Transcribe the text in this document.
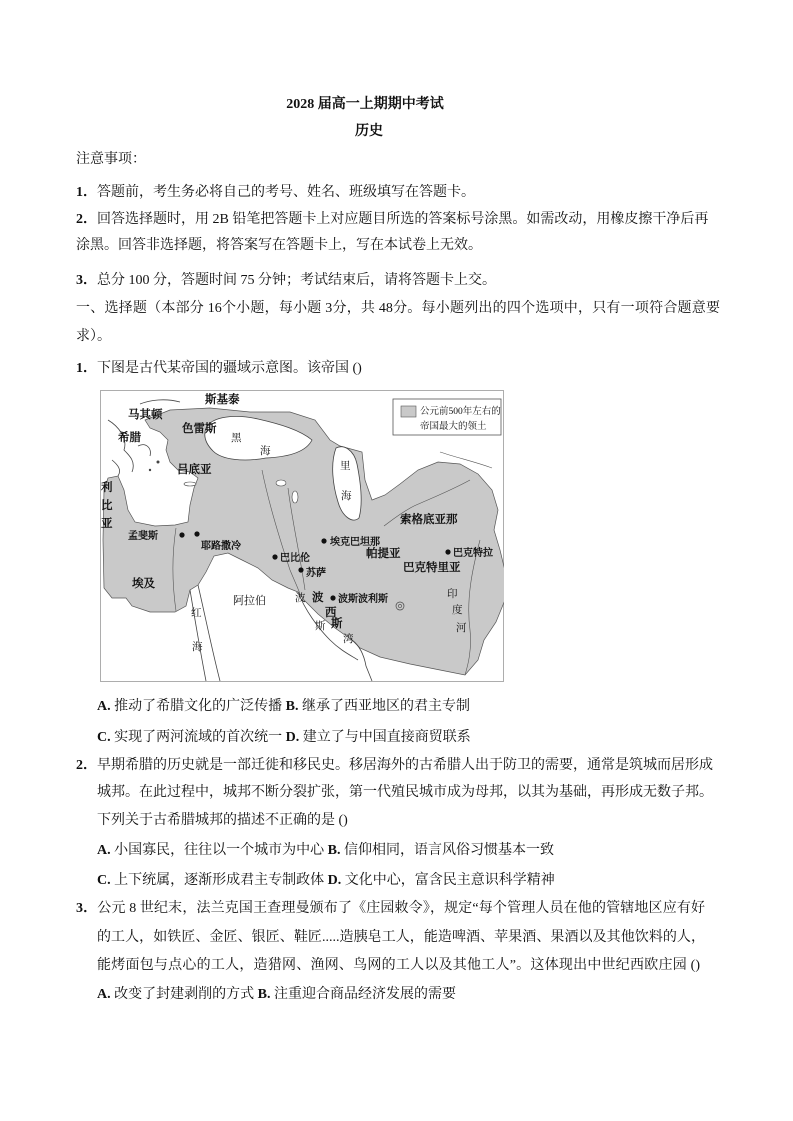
2028 届高一上期期中考试
历史
注意事项：
1．答题前，考生务必将自己的考号、姓名、班级填写在答题卡。
2．回答选择题时，用 2B 铅笔把答题卡上对应题目所选的答案标号涂黑。如需改动，用橡皮擦干净后再
涂黑。回答非选择题，将答案写在答题卡上，写在本试卷上无效。
3．总分 100 分，答题时间 75 分钟；考试结束后，请将答题卡上交。
一、选择题（本部分 16个小题，每小题 3分，共 48分。每小题列出的四个选项中，只有一项符合题意要
求）。
1．下图是古代某帝国的疆域示意图。该帝国 ()
公元前500年左右的
帝国最大的领土
斯基泰
马其顿
希腊
色雷斯
吕底亚
利比亚
埃及
阿拉伯	波西斯
帕提亚
巴克特里亚
索格底亚那
孟斐斯
耶路撒冷
巴比伦
埃克巴坦那
苏萨
波斯波利斯
巴克特拉
黑海
里海
红海
波斯湾
印度河
A. 推动了希腊文化的广泛传播 B. 继承了西亚地区的君主专制
C. 实现了两河流域的首次统一 D. 建立了与中国直接商贸联系
2．早期希腊的历史就是一部迁徙和移民史。移居海外的古希腊人出于防卫的需要，通常是筑城而居形成
城邦。在此过程中，城邦不断分裂扩张，第一代殖民城市成为母邦，以其为基础，再形成无数子邦。
下列关于古希腊城邦的描述不正确的是 ()
A. 小国寡民，往往以一个城市为中心 B. 信仰相同，语言风俗习惯基本一致
C. 上下统属，逐渐形成君主专制政体 D. 文化中心，富含民主意识科学精神
3．公元 8 世纪末，法兰克国王查理曼颁布了《庄园敕令》，规定“每个管理人员在他的管辖地区应有好
的工人，如铁匠、金匠、银匠、鞋匠.....造胰皂工人，能造啤酒、苹果酒、果酒以及其他饮料的人，
能烤面包与点心的工人，造猎网、渔网、鸟网的工人以及其他工人”。这体现出中世纪西欧庄园 ()
A. 改变了封建剥削的方式 B. 注重迎合商品经济发展的需要
